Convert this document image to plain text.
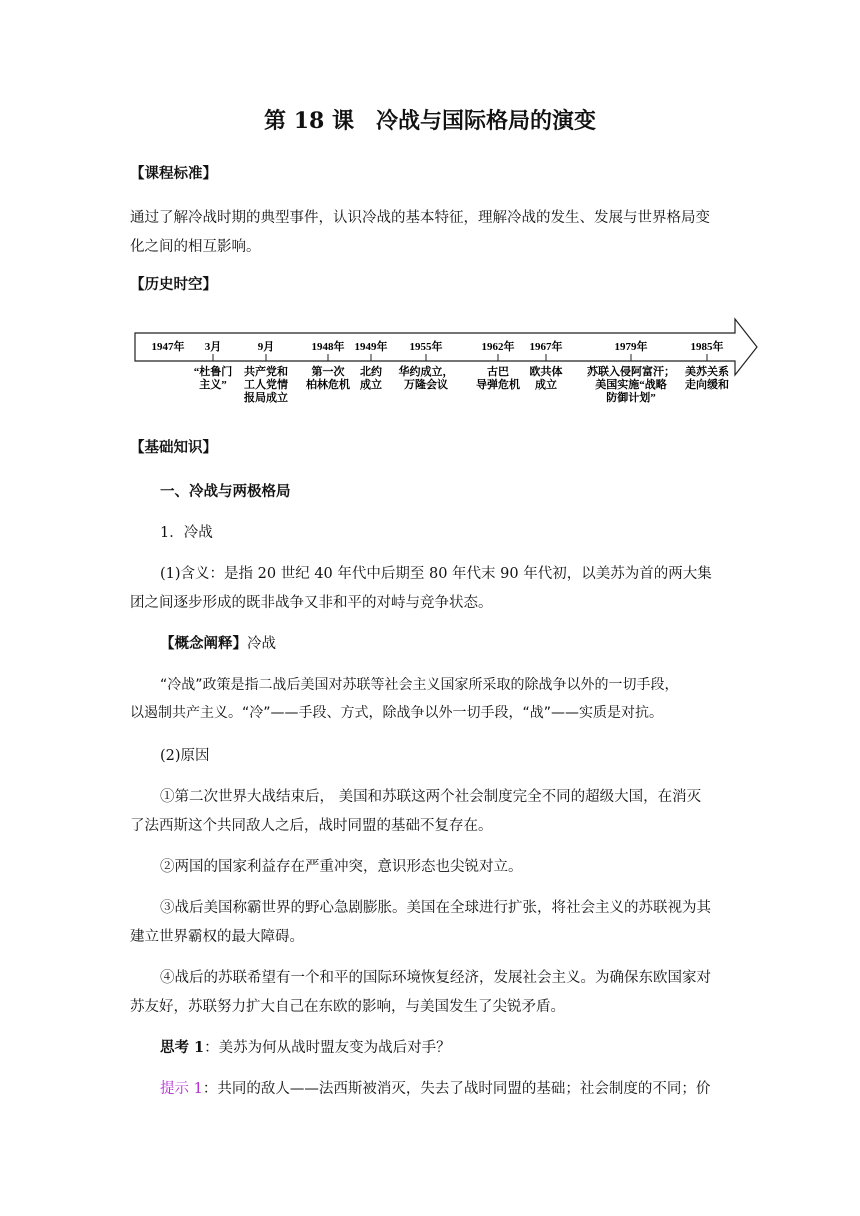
第 18 课　冷战与国际格局的演变
【课程标准】
通过了解冷战时期的典型事件，认识冷战的基本特征，理解冷战的发生、发展与世界格局变
化之间的相互影响。
【历史时空】
1947年 3月	9月	1948年 1949年 1955年	1962年 1967年	1979年	1985年
“杜鲁门
主义”
共产党和
工人党情
报局成立
第一次
柏林危机
北约
成立
华约成立，
万隆会议
古巴
导弹危机
欧共体
成立
苏联入侵阿富汗；
美国实施“战略
防御计划”
美苏关系
走向缓和
【基础知识】
一、冷战与两极格局
1．冷战
(1)含义：是指 20 世纪 40 年代中后期至 80 年代末 90 年代初，以美苏为首的两大集
团之间逐步形成的既非战争又非和平的对峙与竞争状态。
【概念阐释】冷战
“冷战”政策是指二战后美国对苏联等社会主义国家所采取的除战争以外的一切手段，
以遏制共产主义。“冷”——手段、方式，除战争以外一切手段，“战”——实质是对抗。
(2)原因
①第二次世界大战结束后， 美国和苏联这两个社会制度完全不同的超级大国，在消灭
了法西斯这个共同敌人之后，战时同盟的基础不复存在。
②两国的国家利益存在严重冲突，意识形态也尖锐对立。
③战后美国称霸世界的野心急剧膨胀。美国在全球进行扩张，将社会主义的苏联视为其
建立世界霸权的最大障碍。
④战后的苏联希望有一个和平的国际环境恢复经济，发展社会主义。为确保东欧国家对
苏友好，苏联努力扩大自己在东欧的影响，与美国发生了尖锐矛盾。
思考 1：美苏为何从战时盟友变为战后对手？
提示 1：共同的敌人——法西斯被消灭，失去了战时同盟的基础；社会制度的不同；价
